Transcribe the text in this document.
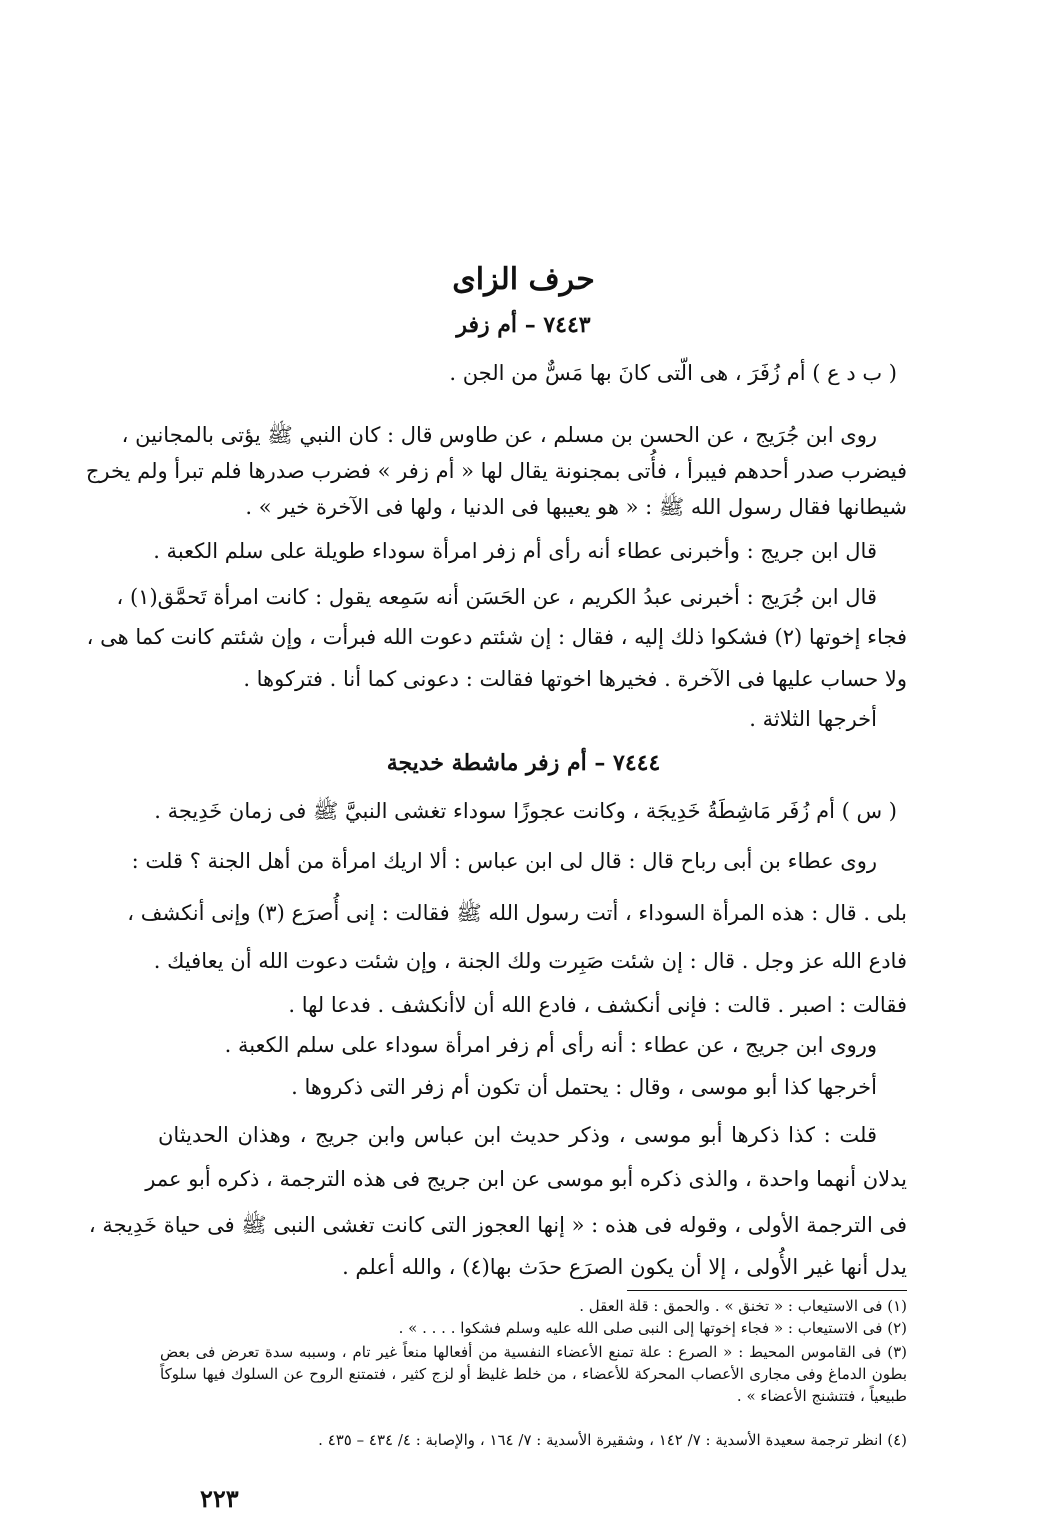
حرف الزاى
٧٤٤٣ – أم زفر
( ب د ع ) أم زُفَرَ ، هى الّتى كانَ بها مَسٌّ من الجن .
روى ابن جُرَيج ، عن الحسن بن مسلم ، عن طاوس قال : كان النبي ﷺ يؤتى بالمجانين ،
فيضرب صدر أحدهم فيبرأ ، فأُتى بمجنونة يقال لها « أم زفر » فضرب صدرها فلم تبرأ ولم يخرج
شيطانها فقال رسول الله ﷺ : « هو يعيبها فى الدنيا ، ولها فى الآخرة خير » .
قال ابن جريج : وأخبرنى عطاء أنه رأى أم زفر امرأة سوداء طويلة على سلم الكعبة .
قال ابن جُرَيج : أخبرنى عبدُ الكريم ، عن الحَسَن أنه سَمِعه يقول : كانت امرأة تَحمَّق(١) ،
فجاء إخوتها (٢) فشكوا ذلك إليه ، فقال : إن شئتم دعوت الله فبرأت ، وإن شئتم كانت كما هى ،
ولا حساب عليها فى الآخرة . فخيرها اخوتها فقالت : دعونى كما أنا . فتركوها .
أخرجها الثلاثة .
٧٤٤٤ – أم زفر ماشطة خديجة
( س ) أم زُفَر مَاشِطَةُ خَدِيجَة ، وكانت عجوزًا سوداء تغشى النبيَّ ﷺ فى زمان خَدِيجة .
روى عطاء بن أبى رباح قال : قال لى ابن عباس : ألا اريك امرأة من أهل الجنة ؟ قلت :
بلى . قال : هذه المرأة السوداء ، أتت رسول الله ﷺ فقالت : إنى أُصرَع (٣) وإنى أنكشف ،
فادع الله عز وجل . قال : إن شئت صَبِرت ولك الجنة ، وإن شئت دعوت الله أن يعافيك .
فقالت : اصبر . قالت : فإنى أنكشف ، فادع الله أن لاأنكشف . فدعا لها .
وروى ابن جريج ، عن عطاء : أنه رأى أم زفر امرأة سوداء على سلم الكعبة .
أخرجها كذا أبو موسى ، وقال : يحتمل أن تكون أم زفر التى ذكروها .
قلت : كذا ذكرها أبو موسى ، وذكر حديث ابن عباس وابن جريج ، وهذان الحديثان
يدلان أنهما واحدة ، والذى ذكره أبو موسى عن ابن جريج فى هذه الترجمة ، ذكره أبو عمر
فى الترجمة الأولى ، وقوله فى هذه : « إنها العجوز التى كانت تغشى النبى ﷺ فى حياة خَدِيجة ،
يدل أنها غير الأُولى ، إلا أن يكون الصرَع حدَث بها(٤) ، والله أعلم .
(١) فى الاستيعاب : « تخنق » . والحمق : قلة العقل .
(٢) فى الاستيعاب : « فجاء إخوتها إلى النبى صلى الله عليه وسلم فشكوا . . . . » .
(٣) فى القاموس المحيط : « الصرع : علة تمنع الأعضاء النفسية من أفعالها منعاً غير تام ، وسببه سدة تعرض فى بعض
بطون الدماغ وفى مجارى الأعصاب المحركة للأعضاء ، من خلط غليظ أو لزج كثير ، فتمتنع الروح عن السلوك فيها سلوكاً
طبيعياً ، فتتشنج الأعضاء » .
(٤) انظر ترجمة سعيدة الأسدية : ٧/ ١٤٢ ، وشقيرة الأسدية : ٧/ ١٦٤ ، والإصابة : ٤/ ٤٣٤ – ٤٣٥ .
٢٢٣
